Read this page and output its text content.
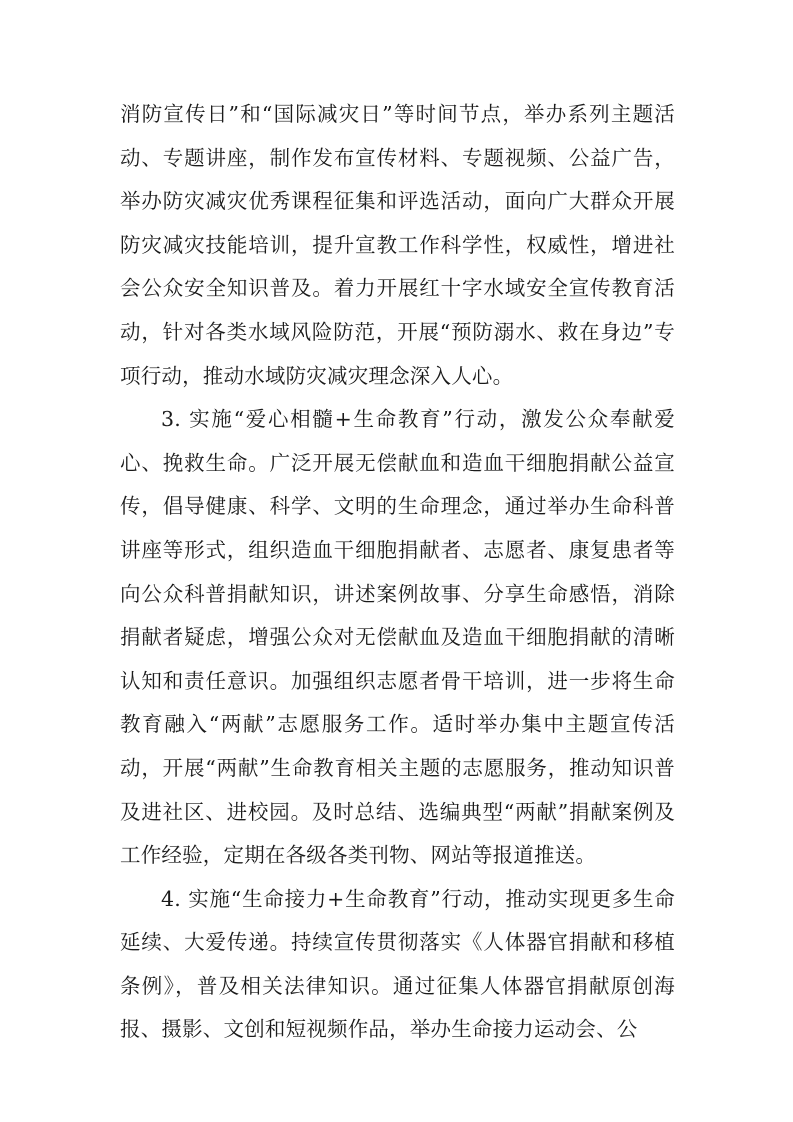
消防宣传日”和“国际减灾日”等时间节点，举办系列主题活动、专题讲座，制作发布宣传材料、专题视频、公益广告，举办防灾减灾优秀课程征集和评选活动，面向广大群众开展防灾减灾技能培训，提升宣教工作科学性，权威性，增进社会公众安全知识普及。着力开展红十字水域安全宣传教育活动，针对各类水域风险防范，开展“预防溺水、救在身边”专项行动，推动水域防灾减灾理念深入人心。

3. 实施“爱心相髓+生命教育”行动，激发公众奉献爱心、挽救生命。广泛开展无偿献血和造血干细胞捐献公益宣传，倡导健康、科学、文明的生命理念，通过举办生命科普讲座等形式，组织造血干细胞捐献者、志愿者、康复患者等向公众科普捐献知识，讲述案例故事、分享生命感悟，消除捐献者疑虑，增强公众对无偿献血及造血干细胞捐献的清晰认知和责任意识。加强组织志愿者骨干培训，进一步将生命教育融入“两献”志愿服务工作。适时举办集中主题宣传活动，开展“两献”生命教育相关主题的志愿服务，推动知识普及进社区、进校园。及时总结、选编典型“两献”捐献案例及工作经验，定期在各级各类刊物、网站等报道推送。

4. 实施“生命接力+生命教育”行动，推动实现更多生命延续、大爱传递。持续宣传贯彻落实《人体器官捐献和移植条例》，普及相关法律知识。通过征集人体器官捐献原创海报、摄影、文创和短视频作品，举办生命接力运动会、公
